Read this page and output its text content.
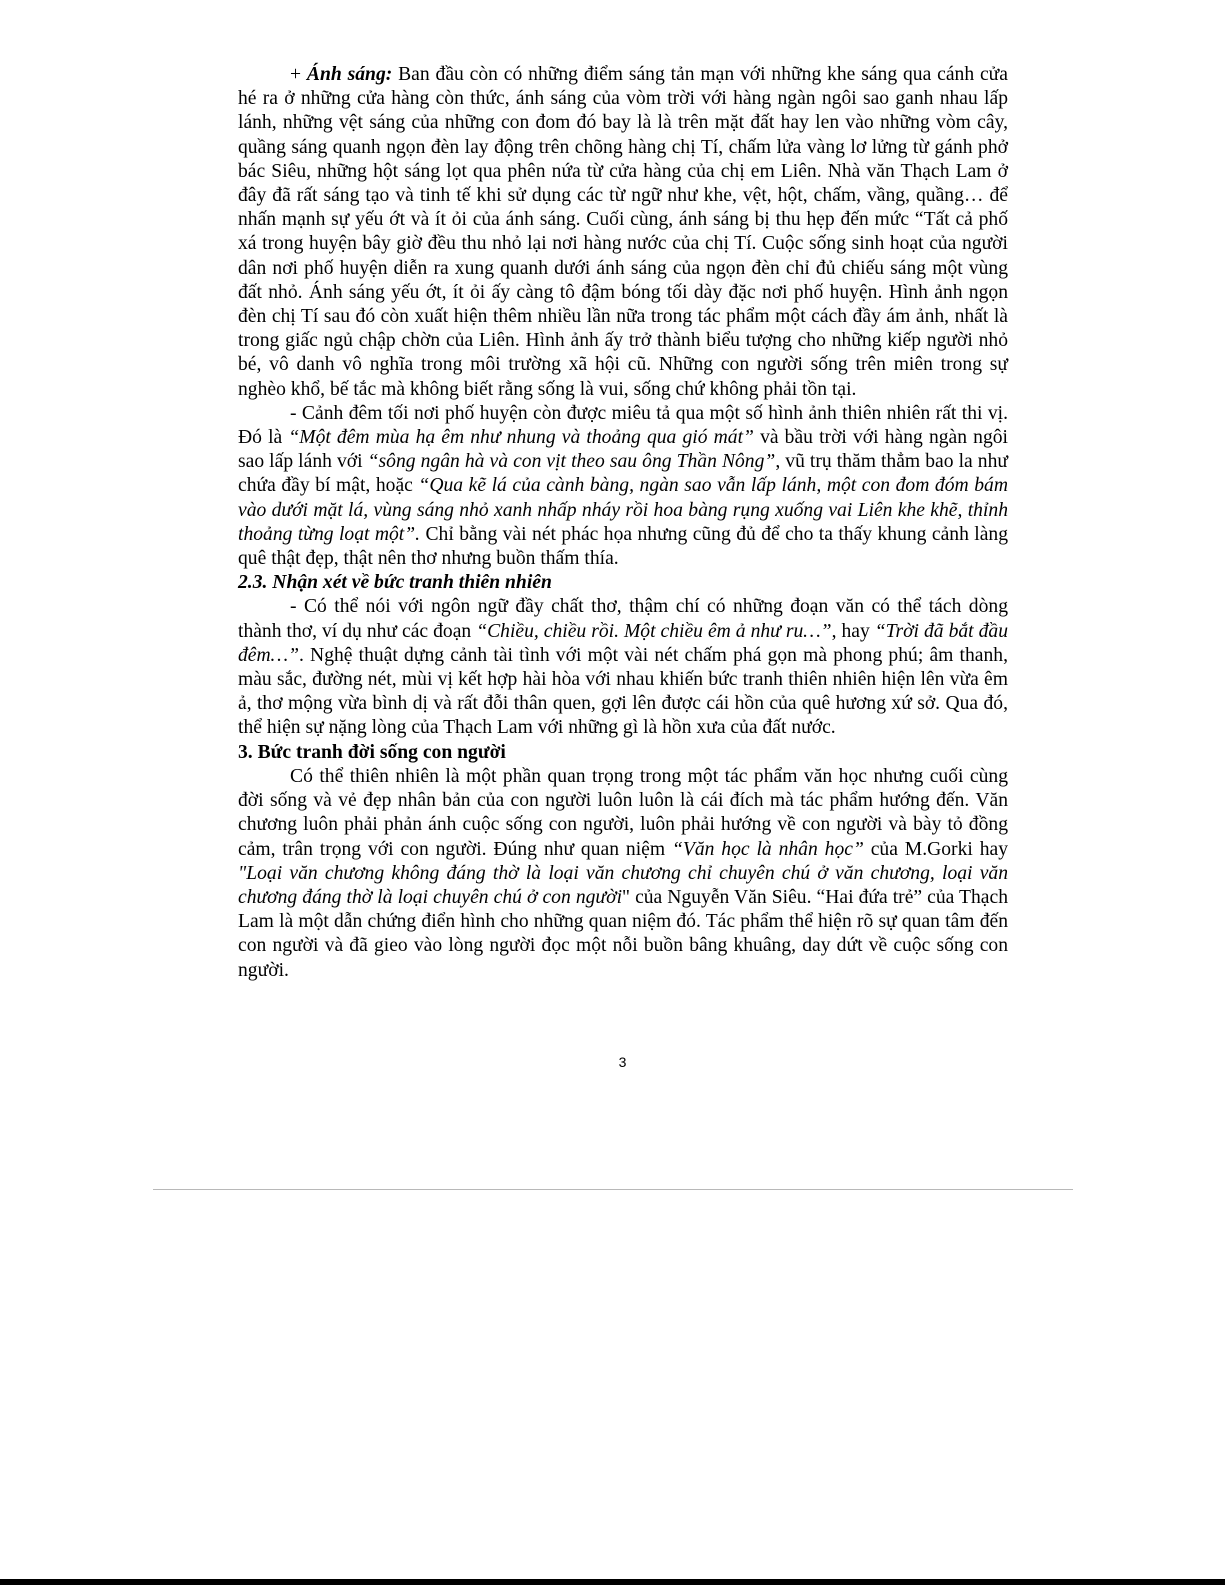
+ Ánh sáng: Ban đầu còn có những điểm sáng tản mạn với những khe sáng qua cánh cửa hé ra ở những cửa hàng còn thức, ánh sáng của vòm trời với hàng ngàn ngôi sao ganh nhau lấp lánh, những vệt sáng của những con đom đó bay là là trên mặt đất hay len vào những vòm cây, quầng sáng quanh ngọn đèn lay động trên chõng hàng chị Tí, chấm lửa vàng lơ lửng từ gánh phở bác Siêu, những hột sáng lọt qua phên nứa từ cửa hàng của chị em Liên. Nhà văn Thạch Lam ở đây đã rất sáng tạo và tinh tế khi sử dụng các từ ngữ như khe, vệt, hột, chấm, vầng, quầng… để nhấn mạnh sự yếu ớt và ít ỏi của ánh sáng. Cuối cùng, ánh sáng bị thu hẹp đến mức “Tất cả phố xá trong huyện bây giờ đều thu nhỏ lại nơi hàng nước của chị Tí. Cuộc sống sinh hoạt của người dân nơi phố huyện diễn ra xung quanh dưới ánh sáng của ngọn đèn chỉ đủ chiếu sáng một vùng đất nhỏ. Ánh sáng yếu ớt, ít ỏi ấy càng tô đậm bóng tối dày đặc nơi phố huyện. Hình ảnh ngọn đèn chị Tí sau đó còn xuất hiện thêm nhiều lần nữa trong tác phẩm một cách đầy ám ảnh, nhất là trong giấc ngủ chập chờn của Liên. Hình ảnh ấy trở thành biểu tượng cho những kiếp người nhỏ bé, vô danh vô nghĩa trong môi trường xã hội cũ. Những con người sống trên miên trong sự nghèo khổ, bế tắc mà không biết rằng sống là vui, sống chứ không phải tồn tại.

- Cảnh đêm tối nơi phố huyện còn được miêu tả qua một số hình ảnh thiên nhiên rất thi vị. Đó là “Một đêm mùa hạ êm như nhung và thoảng qua gió mát” và bầu trời với hàng ngàn ngôi sao lấp lánh với “sông ngân hà và con vịt theo sau ông Thần Nông”, vũ trụ thăm thẳm bao la như chứa đầy bí mật, hoặc “Qua kẽ lá của cành bàng, ngàn sao vẫn lấp lánh, một con đom đóm bám vào dưới mặt lá, vùng sáng nhỏ xanh nhấp nháy rồi hoa bàng rụng xuống vai Liên khe khẽ, thỉnh thoảng từng loạt một”. Chỉ bằng vài nét phác họa nhưng cũng đủ để cho ta thấy khung cảnh làng quê thật đẹp, thật nên thơ nhưng buồn thấm thía.

2.3. Nhận xét về bức tranh thiên nhiên

- Có thể nói với ngôn ngữ đầy chất thơ, thậm chí có những đoạn văn có thể tách dòng thành thơ, ví dụ như các đoạn “Chiều, chiều rồi. Một chiều êm ả như ru…”, hay “Trời đã bắt đầu đêm…”. Nghệ thuật dựng cảnh tài tình với một vài nét chấm phá gọn mà phong phú; âm thanh, màu sắc, đường nét, mùi vị kết hợp hài hòa với nhau khiến bức tranh thiên nhiên hiện lên vừa êm ả, thơ mộng vừa bình dị và rất đỗi thân quen, gợi lên được cái hồn của quê hương xứ sở. Qua đó, thể hiện sự nặng lòng của Thạch Lam với những gì là hồn xưa của đất nước.

3. Bức tranh đời sống con người

Có thể thiên nhiên là một phần quan trọng trong một tác phẩm văn học nhưng cuối cùng đời sống và vẻ đẹp nhân bản của con người luôn luôn là cái đích mà tác phẩm hướng đến. Văn chương luôn phải phản ánh cuộc sống con người, luôn phải hướng về con người và bày tỏ đồng cảm, trân trọng với con người. Đúng như quan niệm “Văn học là nhân học” của M.Gorki hay "Loại văn chương không đáng thờ là loại văn chương chỉ chuyên chú ở văn chương, loại văn chương đáng thờ là loại chuyên chú ở con người" của Nguyễn Văn Siêu. “Hai đứa trẻ” của Thạch Lam là một dẫn chứng điển hình cho những quan niệm đó. Tác phẩm thể hiện rõ sự quan tâm đến con người và đã gieo vào lòng người đọc một nỗi buồn bâng khuâng, day dứt về cuộc sống con người.

3
